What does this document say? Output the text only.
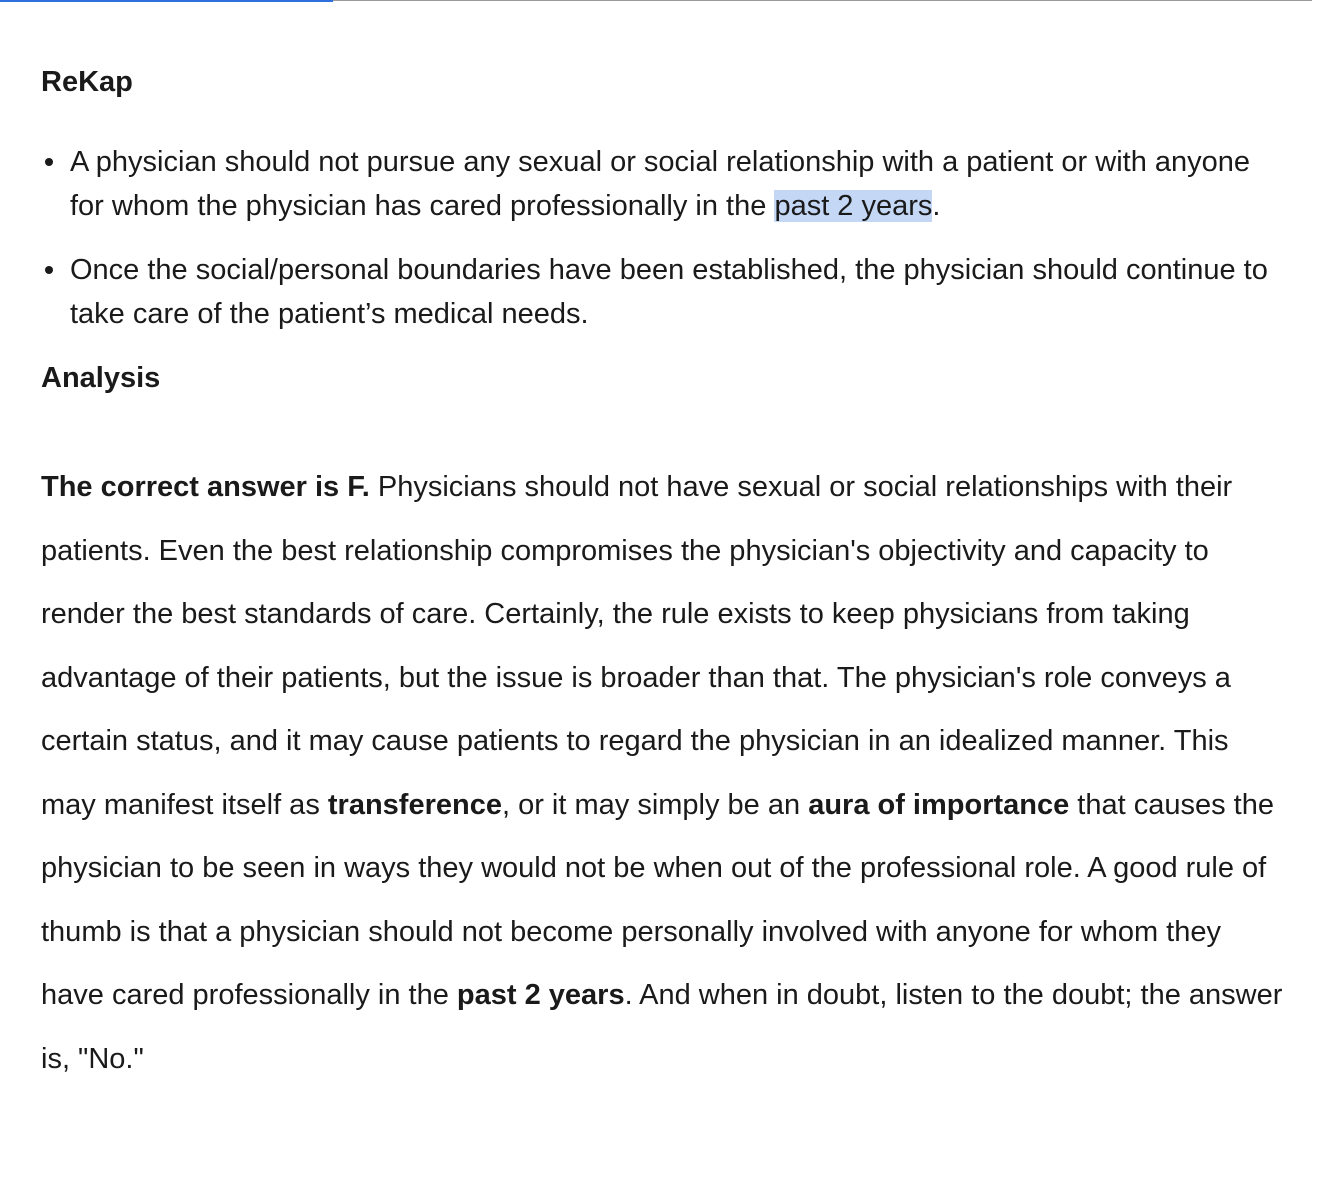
ReKap
A physician should not pursue any sexual or social relationship with a patient or with anyone for whom the physician has cared professionally in the past 2 years.
Once the social/personal boundaries have been established, the physician should continue to take care of the patient’s medical needs.
Analysis

The correct answer is F. Physicians should not have sexual or social relationships with their patients. Even the best relationship compromises the physician's objectivity and capacity to render the best standards of care. Certainly, the rule exists to keep physicians from taking advantage of their patients, but the issue is broader than that. The physician's role conveys a certain status, and it may cause patients to regard the physician in an idealized manner. This may manifest itself as transference, or it may simply be an aura of importance that causes the physician to be seen in ways they would not be when out of the professional role. A good rule of thumb is that a physician should not become personally involved with anyone for whom they have cared professionally in the past 2 years. And when in doubt, listen to the doubt; the answer is, "No."
